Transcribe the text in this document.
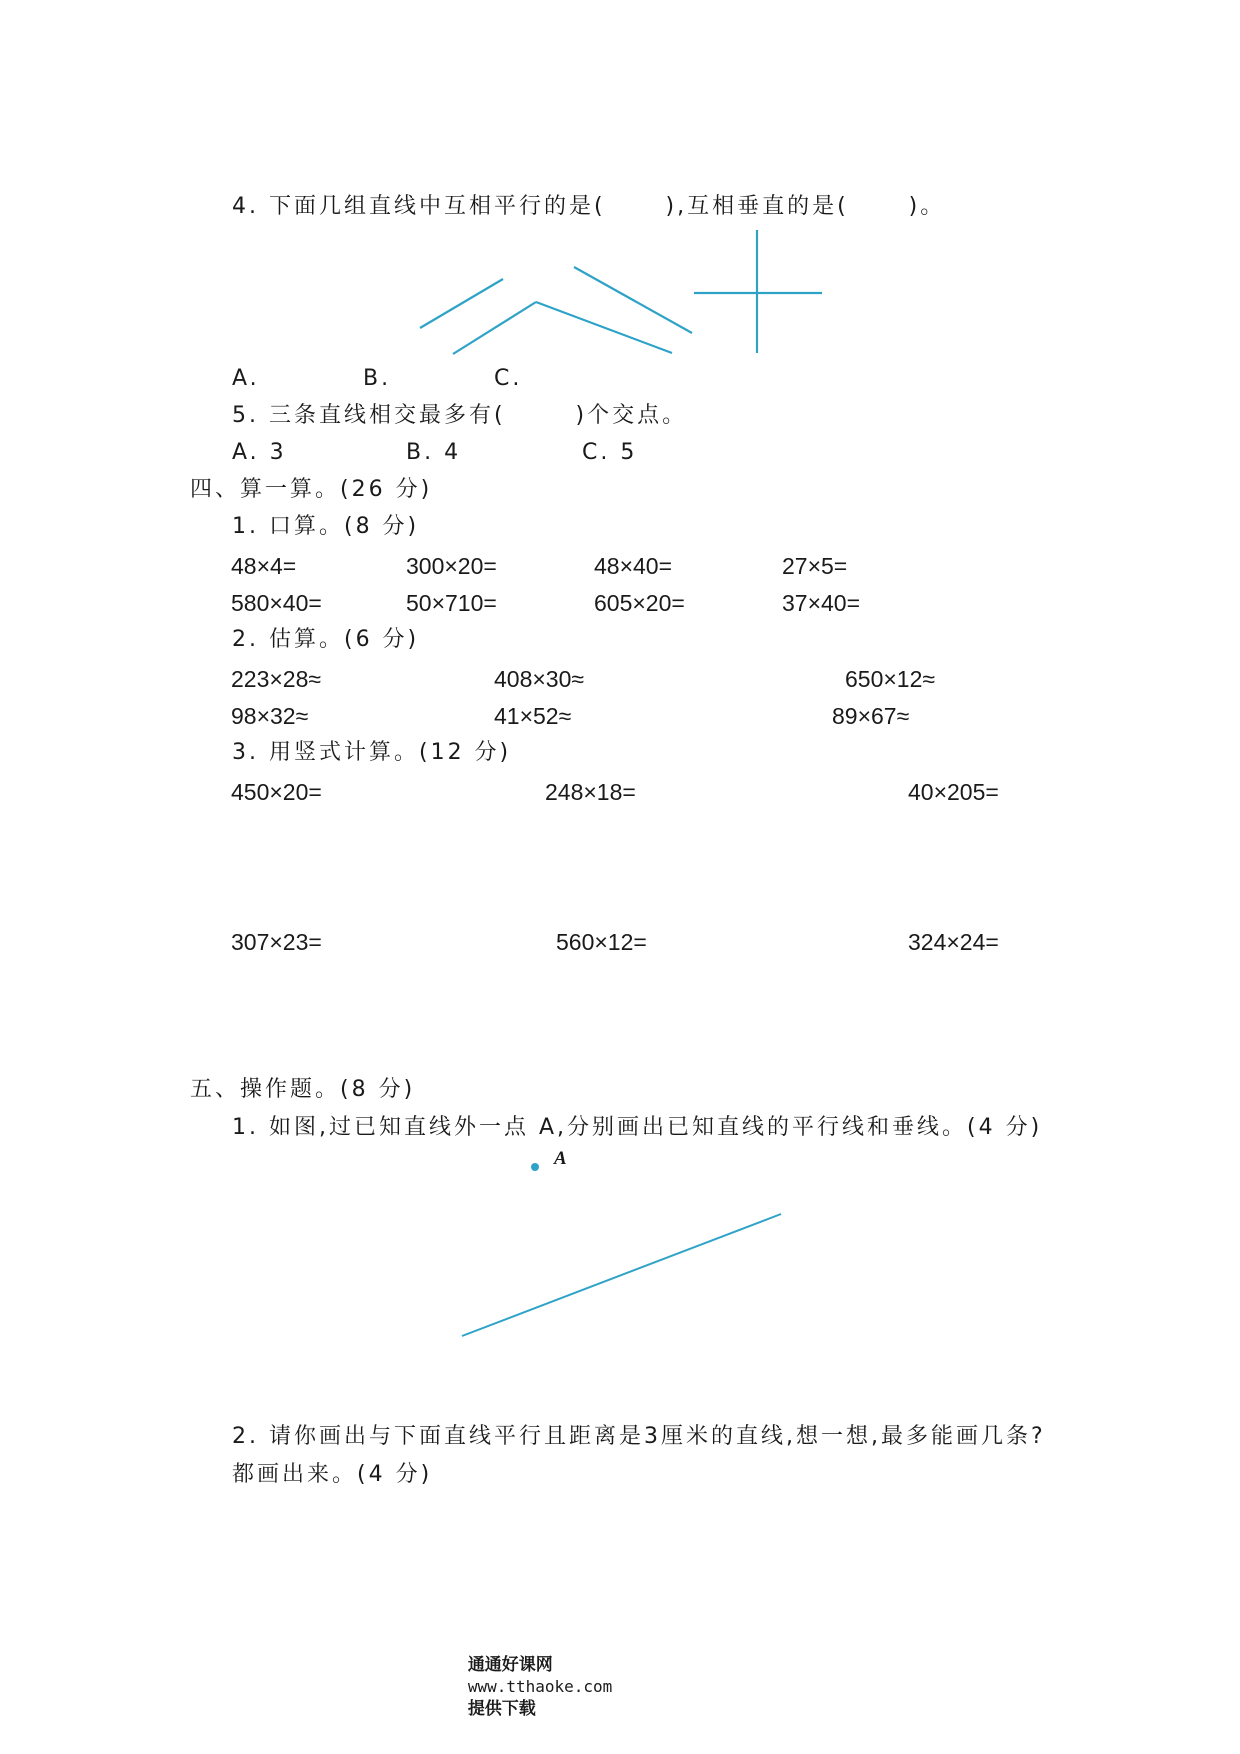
4. 下面几组直线中互相平行的是(      ),互相垂直的是(      )。
A.	B.	C.
5. 三条直线相交最多有(       )个交点。
A. 3	B. 4	C. 5
四、算一算。(26 分)
1. 口算。(8 分)
48×4=	300×20=	48×40=	27×5=
580×40=	50×710=	605×20=	37×40=
2. 估算。(6 分)
223×28≈	408×30≈	650×12≈
98×32≈	41×52≈	89×67≈
3. 用竖式计算。(12 分)
450×20=	248×18=	40×205=
307×23=	560×12=	324×24=
五、操作题。(8 分)
1. 如图,过已知直线外一点 A,分别画出已知直线的平行线和垂线。(4 分)
A
2. 请你画出与下面直线平行且距离是3厘米的直线,想一想,最多能画几条?
都画出来。(4 分)

通通好课网
www.tthaoke.com
提供下载
